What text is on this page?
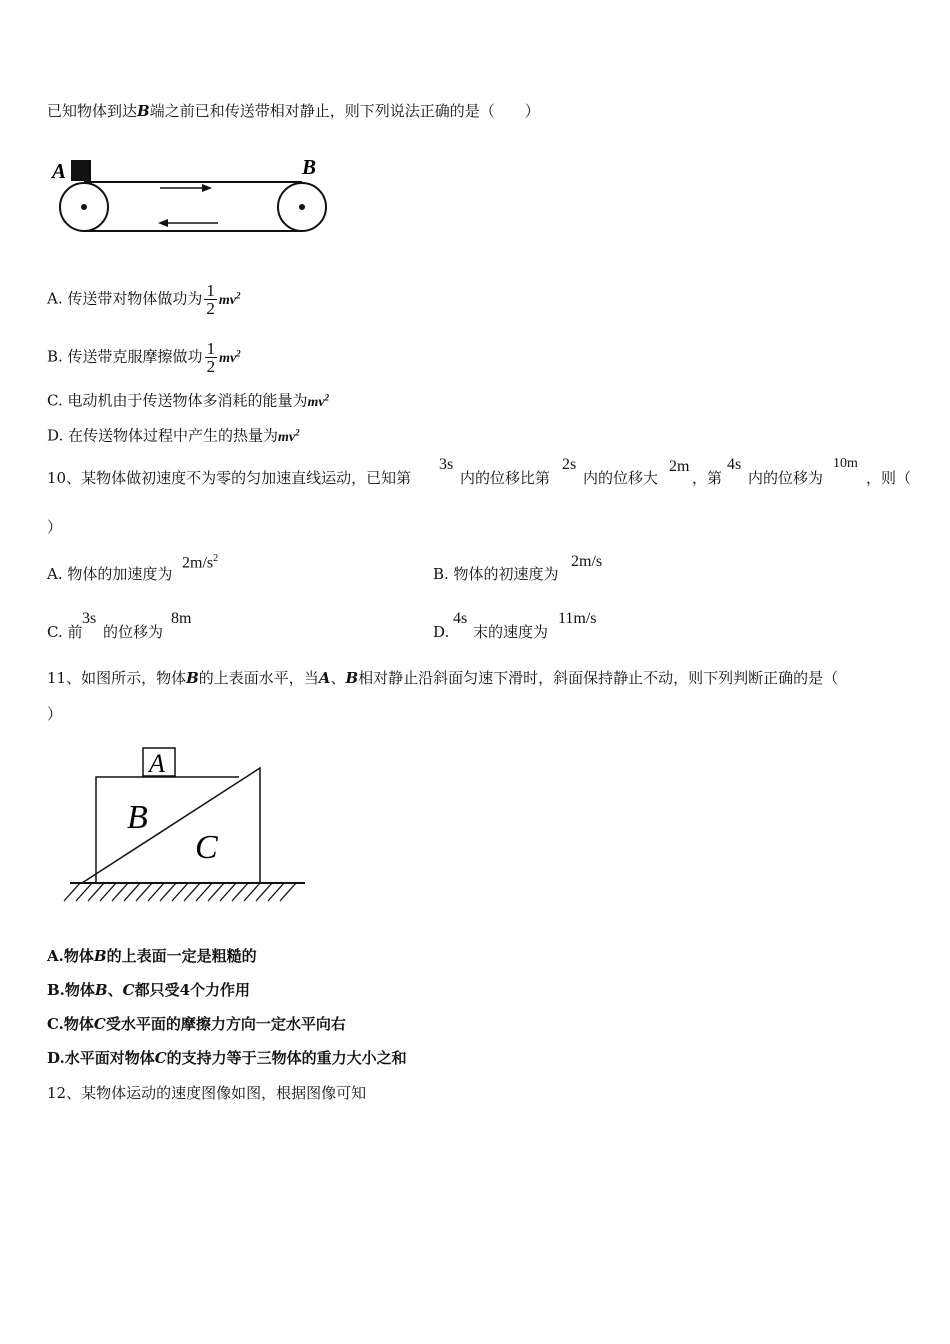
已知物体到达B端之前已和传送带相对静止，则下列说法正确的是（　　）
A	B
A. 传送带对物体做功为 $\frac{1}{2} mv^2$
B. 传送带克服摩擦做功 $\frac{1}{2} mv^2$
C. 电动机由于传送物体多消耗的能量为$mv^2$
D. 在传送物体过程中产生的热量为$mv^2$
10、某物体做初速度不为零的匀加速直线运动，已知第
3s
内的位移比第
2s
内的位移大
2m
，第
4s
内的位移为
10m
，则（
）
A. 物体的加速度为
$2m/s^2$
B. 物体的初速度为
2m/s
C. 前
3s
的位移为
8m
D.
4s
末的速度为
11m/s
11、如图所示，物体B的上表面水平，当A、B相对静止沿斜面匀速下滑时，斜面保持静止不动，则下列判断正确的是（
）
A
B
C
A.物体B的上表面一定是粗糙的
B.物体B、C都只受4个力作用
C.物体C受水平面的摩擦力方向一定水平向右
D.水平面对物体C的支持力等于三物体的重力大小之和
12、某物体运动的速度图像如图，根据图像可知
